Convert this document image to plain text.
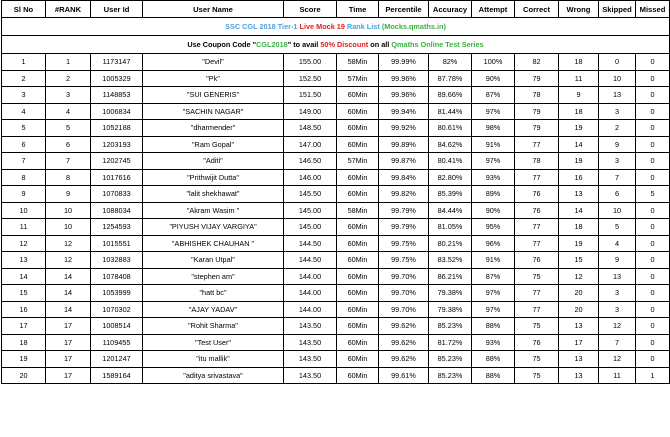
Sl No	#RANK	User Id	User Name	Score	Time	Percentile	Accuracy	Attempt	Correct	Wrong	Skipped	Missed
SSC CGL 2018 Tier-1 Live Mock 19 Rank List (Mocks.qmaths.in)												
Use Coupon Code "CGL2018" to avail 50% Discount on all Qmaths Online Test Series												
1	1	1173147	"Devil"	155.00	58Min	99.99%	82%	100%	82	18	0	0
2	2	1005329	"Pk"	152.50	57Min	99.96%	87.78%	90%	79	11	10	0
3	3	1148853	"SUI GENERIS"	151.50	60Min	99.96%	89.66%	87%	78	9	13	0
4	4	1006834	"SACHIN NAGAR"	149.00	60Min	99.94%	81.44%	97%	79	18	3	0
5	5	1052188	"dharmender"	148.50	60Min	99.92%	80.61%	98%	79	19	2	0
6	6	1203193	"Ram Gopal"	147.00	60Min	99.89%	84.62%	91%	77	14	9	0
7	7	1202745	"Aditi"	146.50	57Min	99.87%	80.41%	97%	78	19	3	0
8	8	1017616	"Prithwijit Dutta"	146.00	60Min	99.84%	82.80%	93%	77	16	7	0
9	9	1070833	"lalit shekhawat"	145.50	60Min	99.82%	85.39%	89%	76	13	6	5
10	10	1088034	"Akram Wasim "	145.00	58Min	99.79%	84.44%	90%	76	14	10	0
11	10	1254593	"PIYUSH VIJAY VARGIYA"	145.00	60Min	99.79%	81.05%	95%	77	18	5	0
12	12	1015551	"ABHISHEK CHAUHAN "	144.50	60Min	99.75%	80.21%	96%	77	19	4	0
13	12	1032883	"Karan Utpal"	144.50	60Min	99.75%	83.52%	91%	76	15	9	0
14	14	1078408	"stephen am"	144.00	60Min	99.70%	86.21%	87%	75	12	13	0
15	14	1053999	"hatt bc"	144.00	60Min	99.70%	79.38%	97%	77	20	3	0
16	14	1070302	"AJAY YADAV"	144.00	60Min	99.70%	79.38%	97%	77	20	3	0
17	17	1008514	"Rohit Sharma"	143.50	60Min	99.62%	85.23%	88%	75	13	12	0
18	17	1109455	"Test User"	143.50	60Min	99.62%	81.72%	93%	76	17	7	0
19	17	1201247	"itu mallik"	143.50	60Min	99.62%	85.23%	88%	75	13	12	0
20	17	1589164	"aditya srivastava"	143.50	60Min	99.61%	85.23%	88%	75	13	11	1
